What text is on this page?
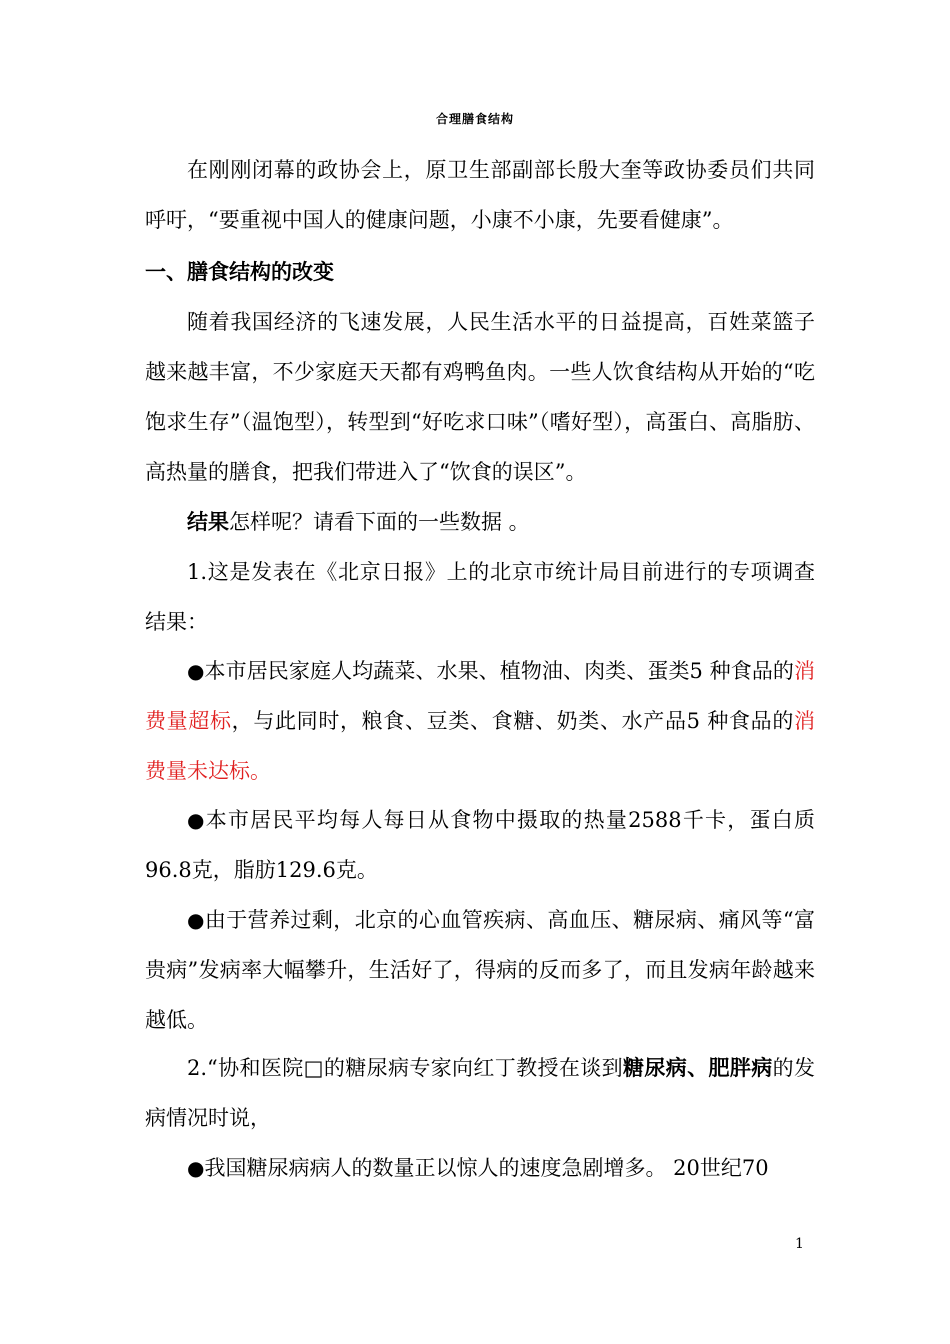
合理膳食结构

在刚刚闭幕的政协会上，原卫生部副部长殷大奎等政协委员们共同呼吁，“要重视中国人的健康问题，小康不小康，先要看健康”。

一、膳食结构的改变

随着我国经济的飞速发展，人民生活水平的日益提高，百姓菜篮子越来越丰富，不少家庭天天都有鸡鸭鱼肉。一些人饮食结构从开始的“吃饱求生存”（温饱型），转型到“好吃求口味”（嗜好型），高蛋白、高脂肪、高热量的膳食，把我们带进入了“饮食的误区”。

结果怎样呢？请看下面的一些数据 。

1.这是发表在《北京日报》上的北京市统计局目前进行的专项调查结果：

●本市居民家庭人均蔬菜、水果、植物油、肉类、蛋类5 种食品的消费量超标，与此同时，粮食、豆类、食糖、奶类、水产品5 种食品的消费量未达标。

●本市居民平均每人每日从食物中摄取的热量2588千卡，蛋白质96.8克，脂肪129.6克。

●由于营养过剩，北京的心血管疾病、高血压、糖尿病、痛风等“富贵病”发病率大幅攀升，生活好了，得病的反而多了，而且发病年龄越来越低。

2.“协和医院□的糖尿病专家向红丁教授在谈到糖尿病、肥胖病的发病情况时说，

●我国糖尿病病人的数量正以惊人的速度急剧增多。 20世纪70

1
